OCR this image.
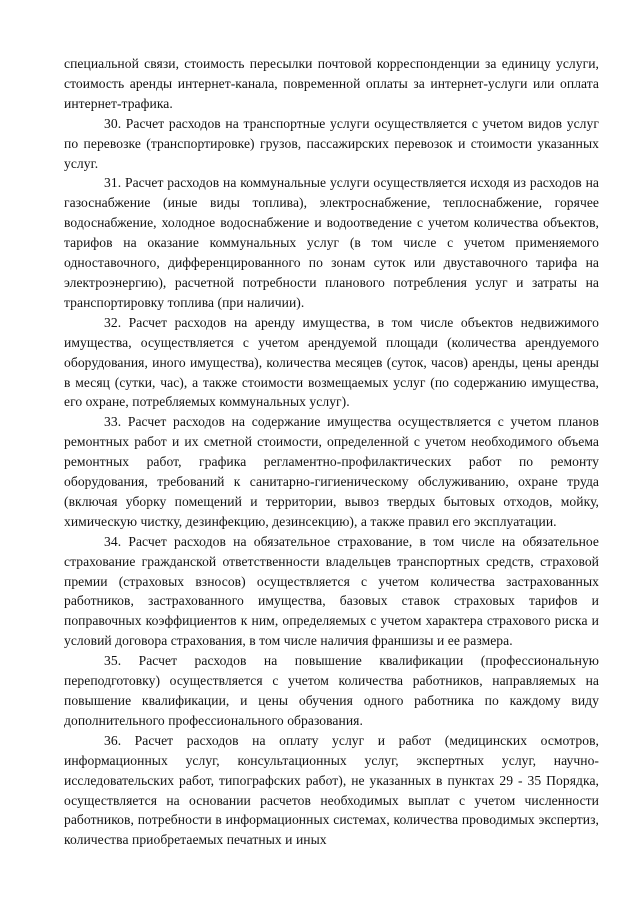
специальной связи, стоимость пересылки почтовой корреспонденции за единицу услуги, стоимость аренды интернет-канала, повременной оплаты за интернет-услуги или оплата интернет-трафика.

30. Расчет расходов на транспортные услуги осуществляется с учетом видов услуг по перевозке (транспортировке) грузов, пассажирских перевозок и стоимости указанных услуг.

31. Расчет расходов на коммунальные услуги осуществляется исходя из расходов на газоснабжение (иные виды топлива), электроснабжение, теплоснабжение, горячее водоснабжение, холодное водоснабжение и водоотведение с учетом количества объектов, тарифов на оказание коммунальных услуг (в том числе с учетом применяемого одноставочного, дифференцированного по зонам суток или двуставочного тарифа на электроэнергию), расчетной потребности планового потребления услуг и затраты на транспортировку топлива (при наличии).

32. Расчет расходов на аренду имущества, в том числе объектов недвижимого имущества, осуществляется с учетом арендуемой площади (количества арендуемого оборудования, иного имущества), количества месяцев (суток, часов) аренды, цены аренды в месяц (сутки, час), а также стоимости возмещаемых услуг (по содержанию имущества, его охране, потребляемых коммунальных услуг).

33. Расчет расходов на содержание имущества осуществляется с учетом планов ремонтных работ и их сметной стоимости, определенной с учетом необходимого объема ремонтных работ, графика регламентно-профилактических работ по ремонту оборудования, требований к санитарно-гигиеническому обслуживанию, охране труда (включая уборку помещений и территории, вывоз твердых бытовых отходов, мойку, химическую чистку, дезинфекцию, дезинсекцию), а также правил его эксплуатации.

34. Расчет расходов на обязательное страхование, в том числе на обязательное страхование гражданской ответственности владельцев транспортных средств, страховой премии (страховых взносов) осуществляется с учетом количества застрахованных работников, застрахованного имущества, базовых ставок страховых тарифов и поправочных коэффициентов к ним, определяемых с учетом характера страхового риска и условий договора страхования, в том числе наличия франшизы и ее размера.

35. Расчет расходов на повышение квалификации (профессиональную переподготовку) осуществляется с учетом количества работников, направляемых на повышение квалификации, и цены обучения одного работника по каждому виду дополнительного профессионального образования.

36. Расчет расходов на оплату услуг и работ (медицинских осмотров, информационных услуг, консультационных услуг, экспертных услуг, научно-исследовательских работ, типографских работ), не указанных в пунктах 29 - 35 Порядка, осуществляется на основании расчетов необходимых выплат с учетом численности работников, потребности в информационных системах, количества проводимых экспертиз, количества приобретаемых печатных и иных
